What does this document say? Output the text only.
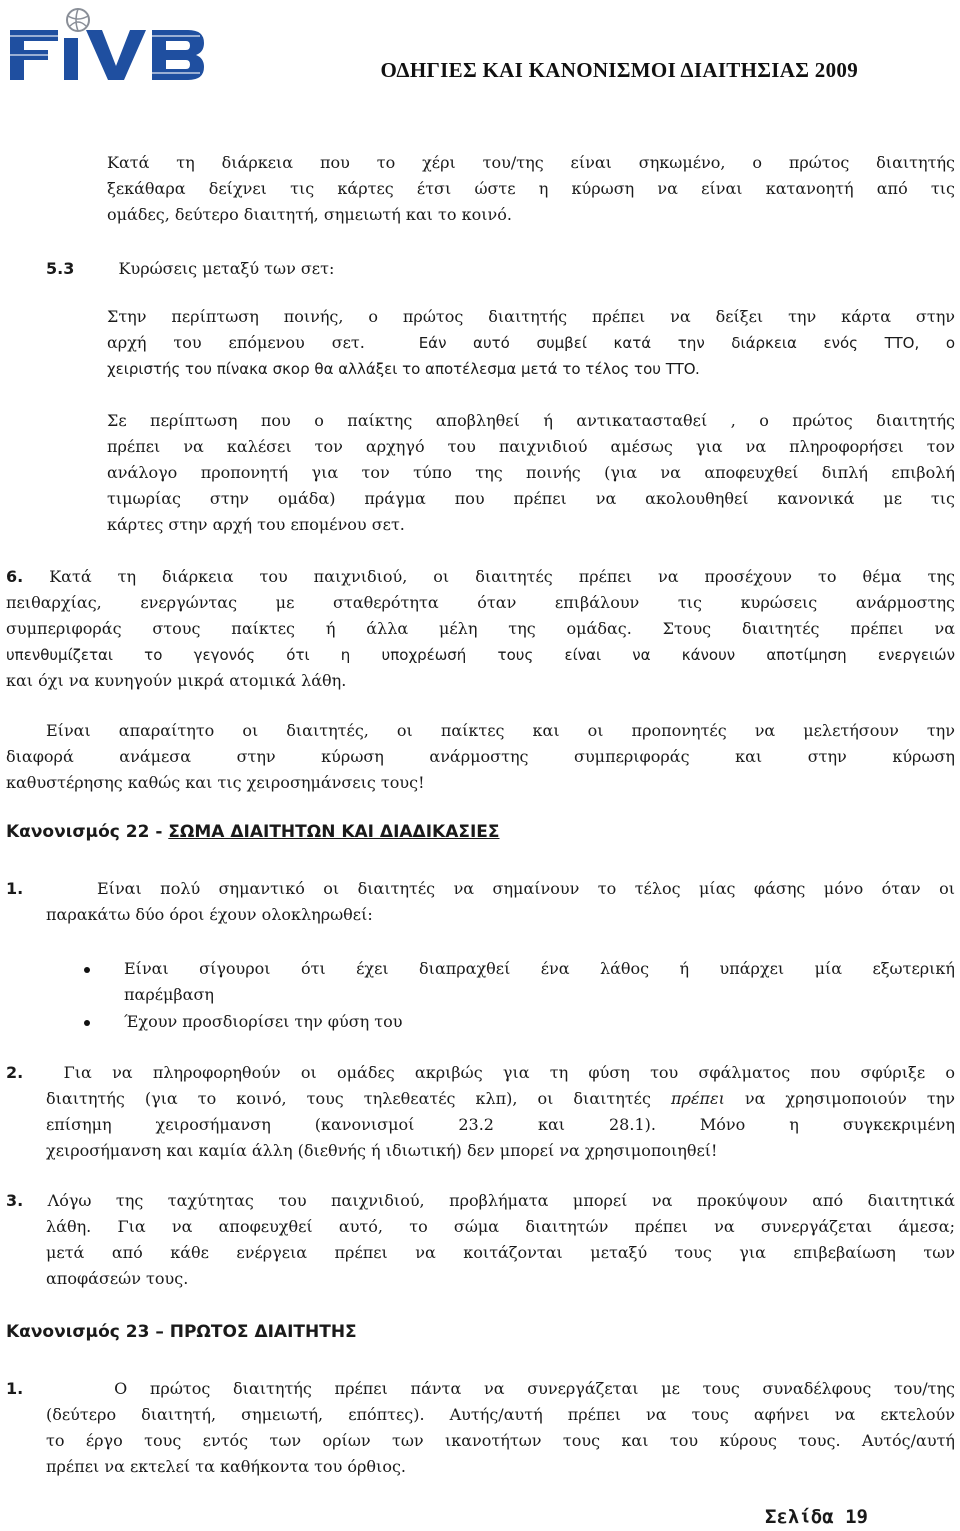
ΟΔΗΓΙΕΣ ΚΑΙ ΚΑΝΟΝΙΣΜΟΙ ΔΙΑΙΤΗΣΙΑΣ 2009
Κατά τη διάρκεια που το χέρι του/της είναι σηκωμένο, ο πρώτος διαιτητής
ξεκάθαρα δείχνει τις κάρτες έτσι ώστε η κύρωση να είναι κατανοητή από τις
ομάδες, δεύτερο διαιτητή, σημειωτή και το κοινό.
5.3	Κυρώσεις μεταξύ των σετ:
Στην περίπτωση ποινής, ο πρώτος διαιτητής πρέπει να δείξει την κάρτα στην
αρχή του επόμενου σετ.	Εάν αυτό συμβεί κατά την διάρκεια ενός TTO, ο
χειριστής του πίνακα σκορ θα αλλάξει το αποτέλεσμα μετά το τέλος του TTO.
Σε περίπτωση που ο παίκτης αποβληθεί ή αντικατασταθεί , ο πρώτος διαιτητής
πρέπει να καλέσει τον αρχηγό του παιχνιδιού αμέσως για να πληροφορήσει τον
ανάλογο προπονητή για τον τύπο της ποινής (για να αποφευχθεί διπλή επιβολή
τιμωρίας στην ομάδα) πράγμα που πρέπει να ακολουθηθεί κανονικά με τις
κάρτες στην αρχή του επομένου σετ.
6. Κατά τη διάρκεια του παιχνιδιού, οι διαιτητές πρέπει να προσέχουν το θέμα της
πειθαρχίας, ενεργώντας με σταθερότητα όταν επιβάλουν τις κυρώσεις ανάρμοστης
συμπεριφοράς στους παίκτες ή άλλα μέλη της ομάδας. Στους διαιτητές πρέπει να
υπενθυμίζεται το γεγονός ότι η υποχρέωσή τους είναι να κάνουν αποτίμηση ενεργειών
και όχι να κυνηγούν μικρά ατομικά λάθη.
Είναι απαραίτητο οι διαιτητές, οι παίκτες και οι προπονητές να μελετήσουν την
διαφορά ανάμεσα στην κύρωση ανάρμοστης συμπεριφοράς και στην κύρωση
καθυστέρησης καθώς και τις χειροσημάνσεις τους!
Κανονισμός 22 - ΣΩΜΑ ΔΙΑΙΤΗΤΩΝ ΚΑΙ ΔΙΑΔΙΚΑΣΙΕΣ
1.	Είναι πολύ σημαντικό οι διαιτητές να σημαίνουν το τέλος μίας φάσης μόνο όταν οι
παρακάτω δύο όροι έχουν ολοκληρωθεί:
Είναι σίγουροι ότι έχει διαπραχθεί ένα λάθος ή υπάρχει μία εξωτερική
παρέμβαση
Έχουν προσδιορίσει την φύση του
2.	Για να πληροφορηθούν οι ομάδες ακριβώς για τη φύση του σφάλματος που σφύριξε ο
διαιτητής (για το κοινό, τους τηλεθεατές κλπ), οι διαιτητές πρέπει να χρησιμοποιούν την
επίσημη χειροσήμανση (κανονισμοί 23.2 και 28.1). Μόνο η συγκεκριμένη
χειροσήμανση και καμία άλλη (διεθνής ή ιδιωτική) δεν μπορεί να χρησιμοποιηθεί!
3. Λόγω της ταχύτητας του παιχνιδιού, προβλήματα μπορεί να προκύψουν από διαιτητικά
λάθη. Για να αποφευχθεί αυτό, το σώμα διαιτητών πρέπει να συνεργάζεται άμεσα;
μετά από κάθε ενέργεια πρέπει να κοιτάζονται μεταξύ τους για επιβεβαίωση των
αποφάσεών τους.
Κανονισμός 23 – ΠΡΩΤΟΣ ΔΙΑΙΤΗΤΗΣ
1.	Ο πρώτος διαιτητής πρέπει πάντα να συνεργάζεται με τους συναδέλφους του/της
(δεύτερο διαιτητή, σημειωτή, επόπτες). Αυτής/αυτή πρέπει να τους αφήνει να εκτελούν
το έργο τους εντός των ορίων των ικανοτήτων τους και του κύρους τους. Αυτός/αυτή
πρέπει να εκτελεί τα καθήκοντα του όρθιος.
Σελίδα 19
